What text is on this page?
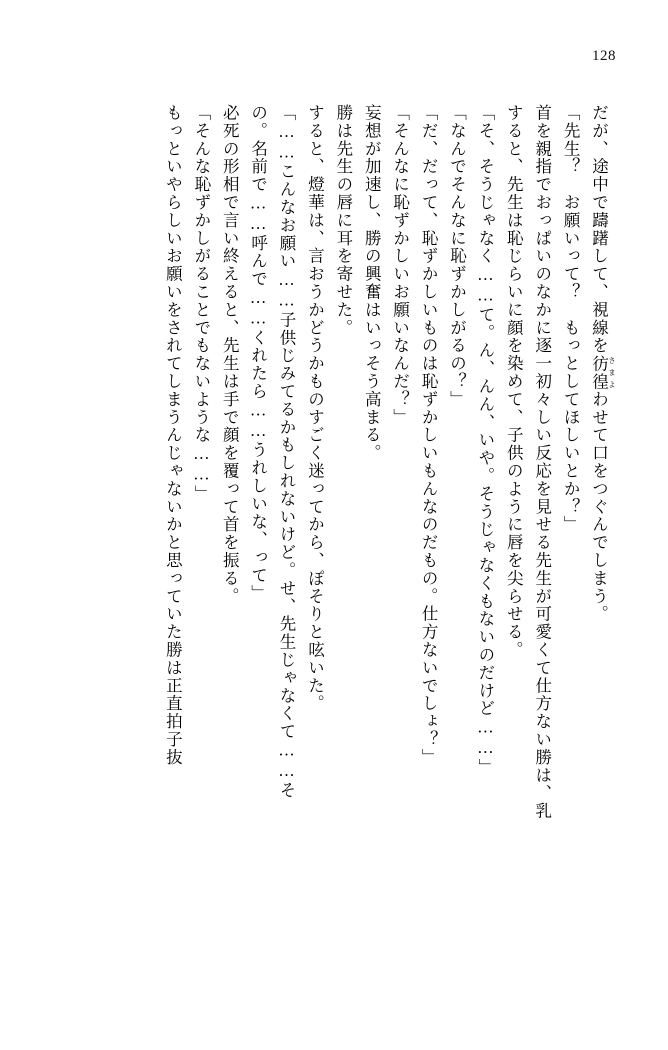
128

だが、途中で躊躇して、視線を彷徨 さまよわせて口をつぐんでしまう。

「先生？　お願いって？　もっとしてほしいとか？」

首を親指でおっぱいのなかに逐一初々しい反応を見せる先生が可愛くて仕方ない勝は、乳

すると、先生は恥じらいに顔を染めて、子供のように唇を尖らせる。

「そ、そうじゃなく……て。ん、んん、いや。そうじゃなくもないのだけど……」

「なんでそんなに恥ずかしがるの？」

「だ、だって、恥ずかしいものは恥ずかしいもんなのだもの。仕方ないでしょ？」

「そんなに恥ずかしいお願いなんだ？」

妄想が加速し、勝の興奮はいっそう高まる。

勝は先生の唇に耳を寄せた。

すると、燈華は、言おうかどうかものすごく迷ってから、ぽそりと呟いた。

「……こんなお願い……子供じみてるかもしれないけど。せ、先生じゃなくて……そ

の。名前で……呼んで……くれたら……うれしいな、って」

必死の形相で言い終えると、先生は手で顔を覆って首を振る。

「そんな恥ずかしがることでもないような……」

もっといやらしいお願いをされてしまうんじゃないかと思っていた勝は正直拍子抜
